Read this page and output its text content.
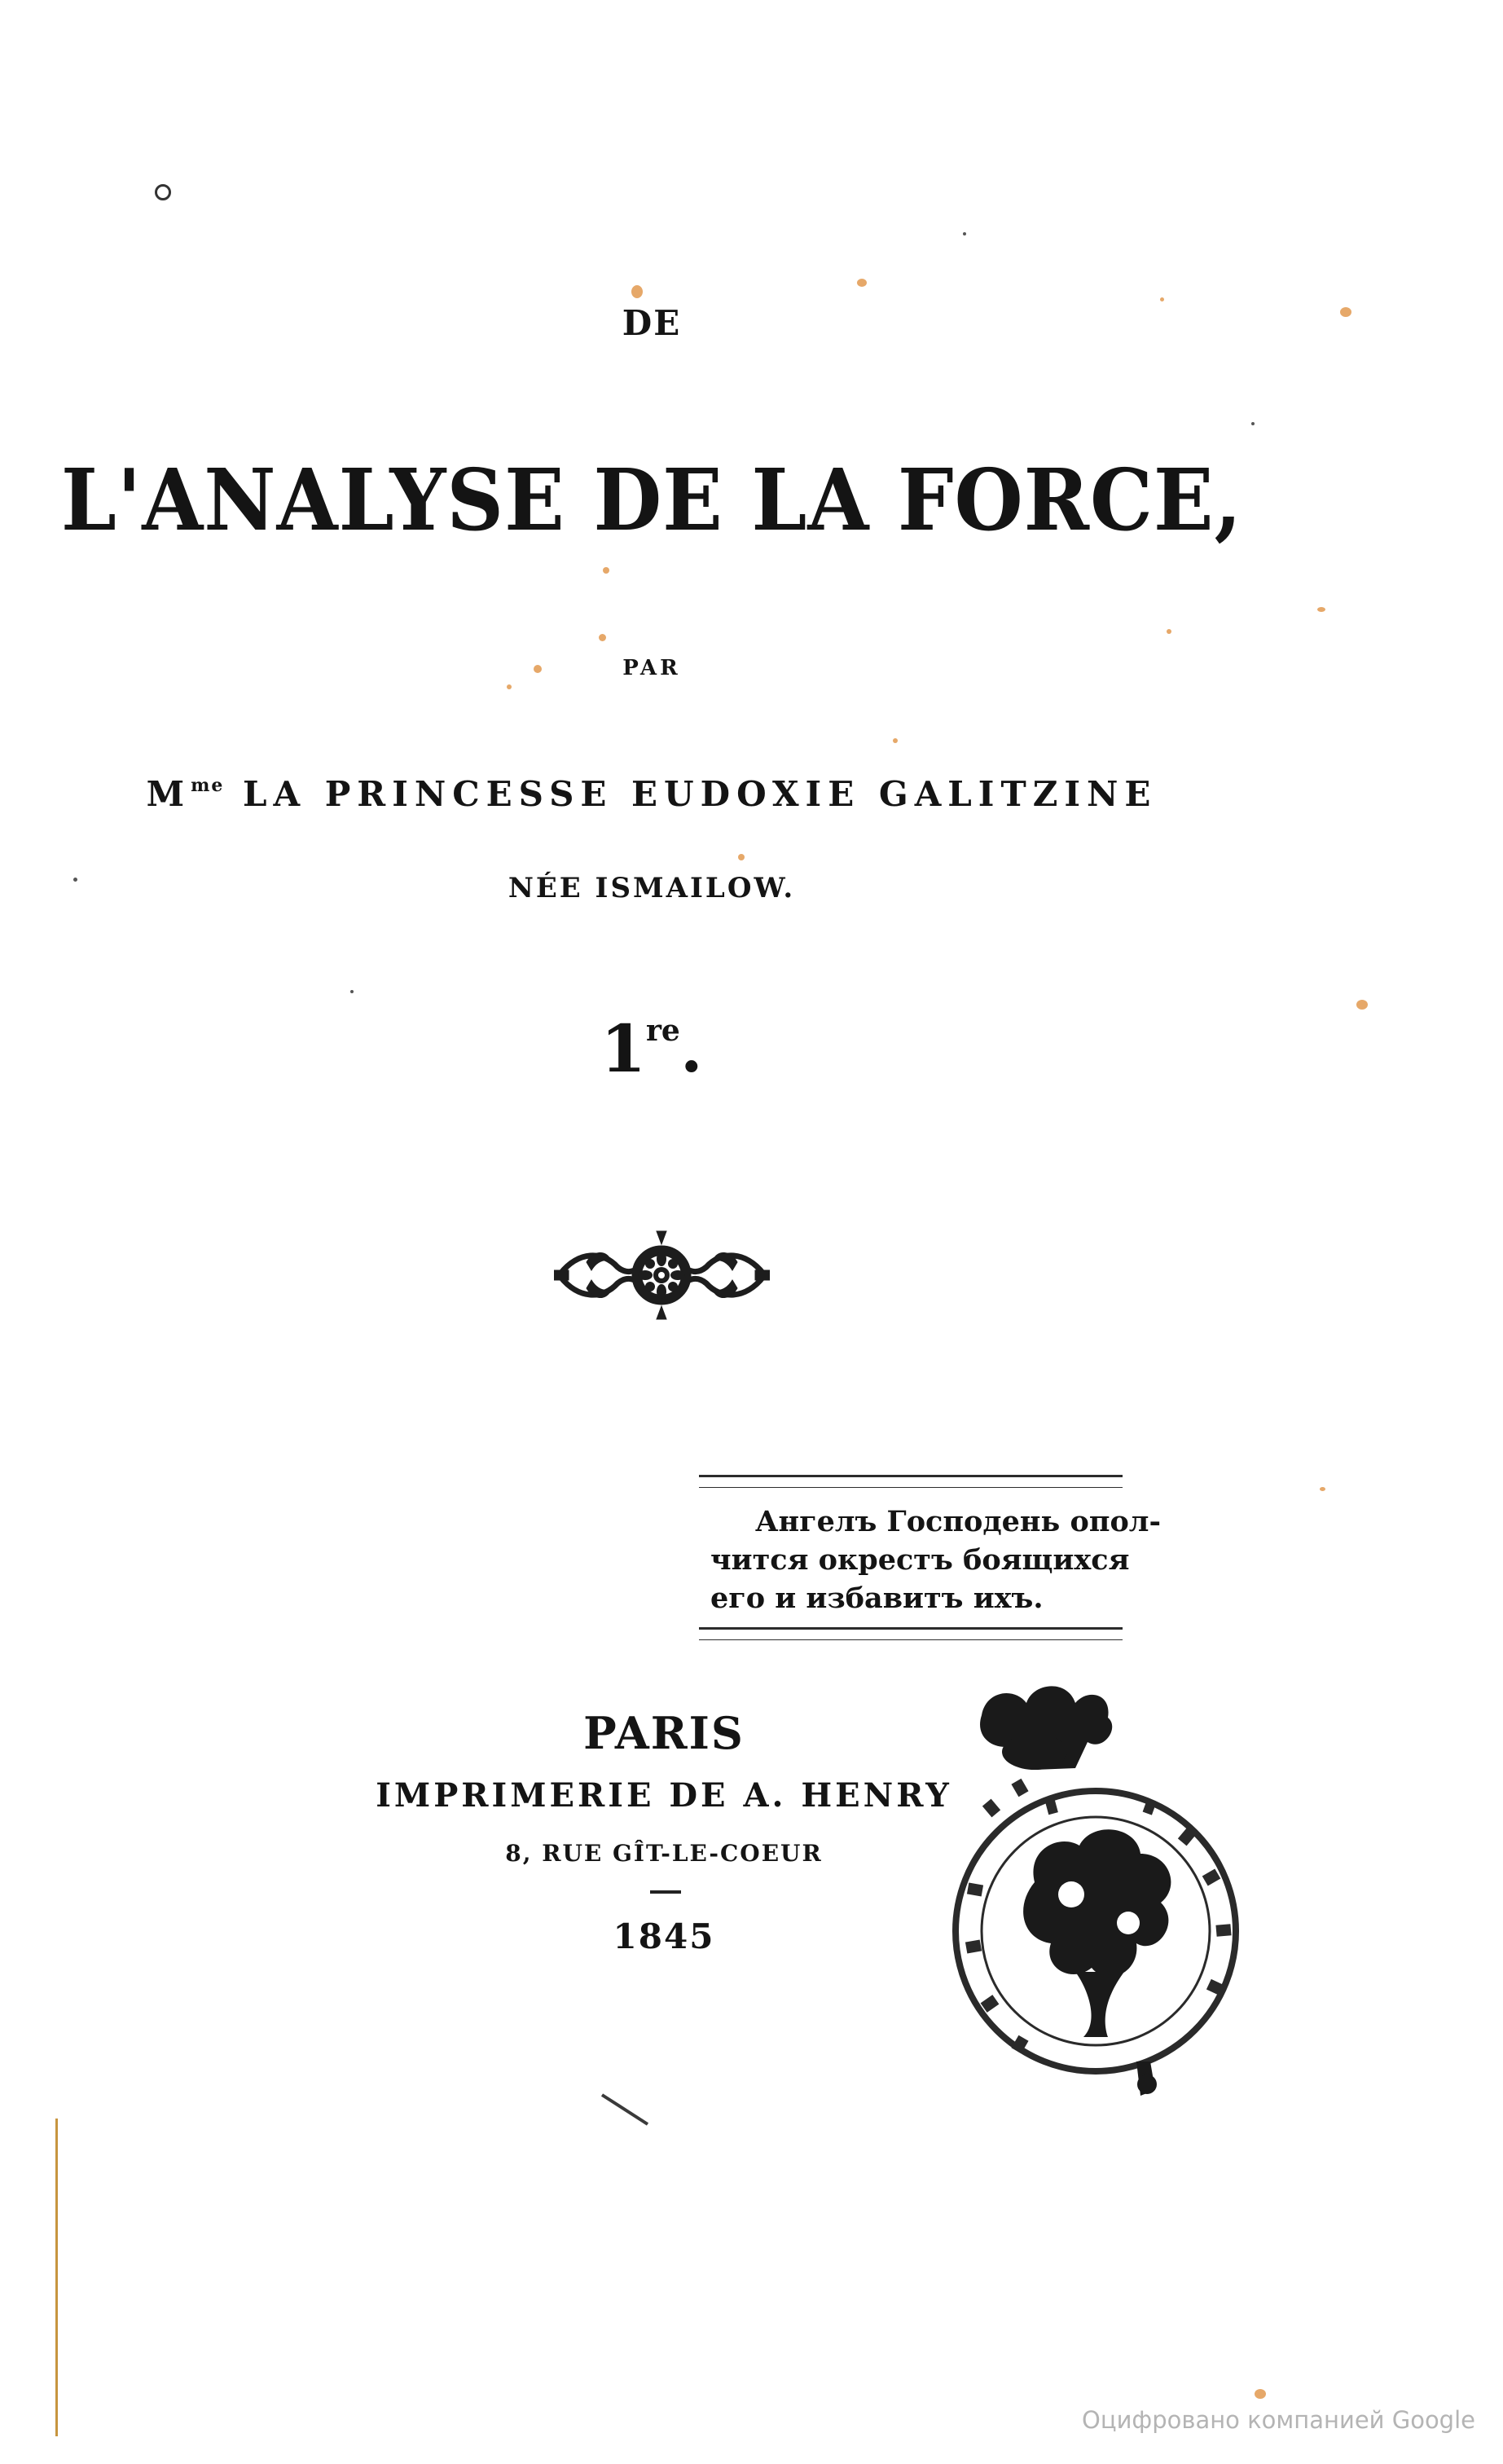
DE
L'ANALYSE DE LA FORCE,
PAR
$M^{me}$ LA PRINCESSE EUDOXIE GALITZINE
NÉE ISMAILOW.
1re.
Ангелъ Господень опол-
чится окрестъ боящихся
его и избавитъ ихъ.
PARIS
IMPRIMERIE DE A. HENRY
8, RUE GÎT-LE-COEUR
1845
Оцифровано компанией Google
